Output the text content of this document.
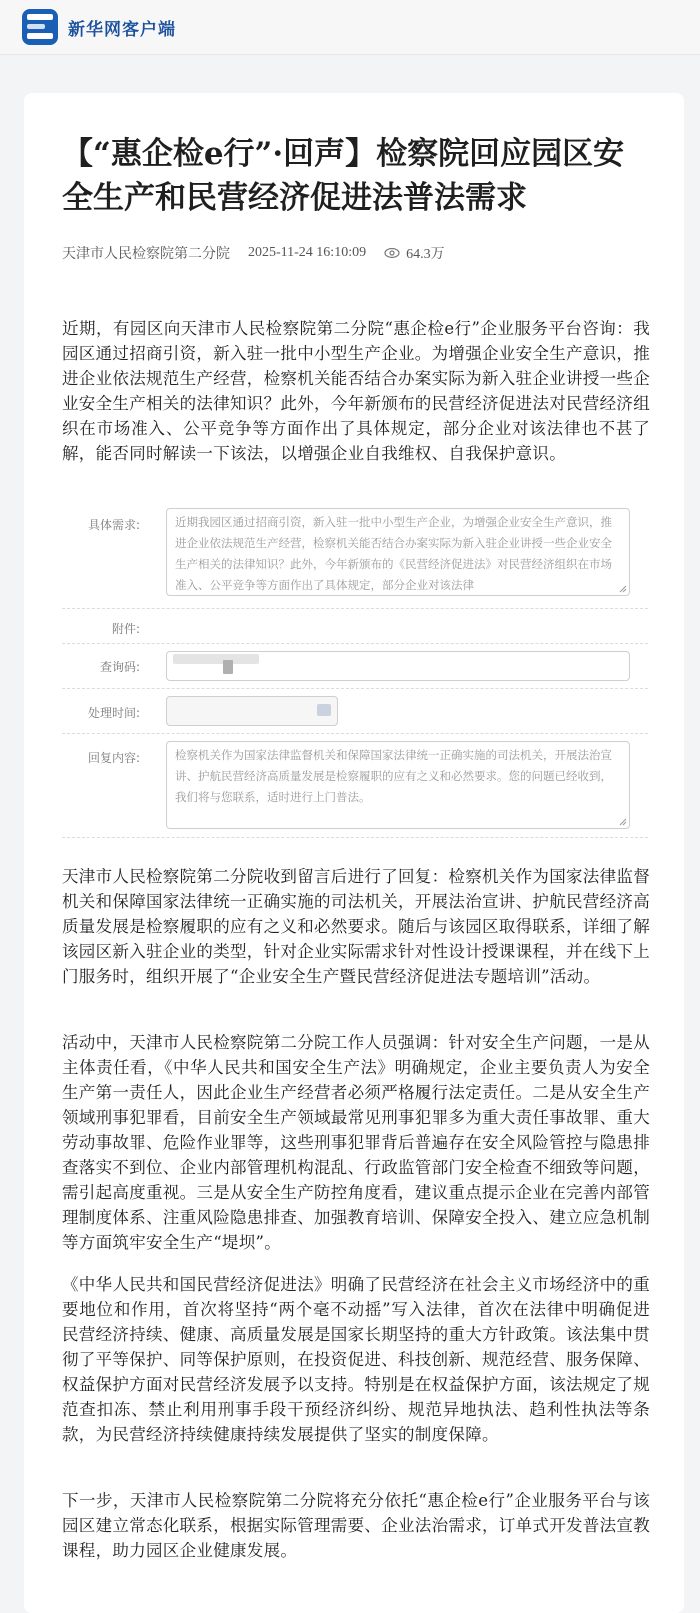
新华网客户端
【“惠企检e行”·回声】检察院回应园区安全生产和民营经济促进法普法需求
天津市人民检察院第二分院 2025-11-24 16:10:09	64.3万

近期，有园区向天津市人民检察院第二分院“惠企检e行”企业服务平台咨询：我园区通过招商引资，新入驻一批中小型生产企业。为增强企业安全生产意识，推进企业依法规范生产经营，检察机关能否结合办案实际为新入驻企业讲授一些企业安全生产相关的法律知识？此外，今年新颁布的民营经济促进法对民营经济组织在市场准入、公平竞争等方面作出了具体规定，部分企业对该法律也不甚了解，能否同时解读一下该法，以增强企业自我维权、自我保护意识。

具体需求:	近期我园区通过招商引资，新入驻一批中小型生产企业，为增强企业安全生产意识，推进企业依法规范生产经营，检察机关能否结合办案实际为新入驻企业讲授一些企业安全生产相关的法律知识？此外，今年新颁布的《民营经济促进法》对民营经济组织在市场准入、公平竞争等方面作出了具体规定，部分企业对该法律
附件:
查询码:
处理时间:
回复内容:	检察机关作为国家法律监督机关和保障国家法律统一正确实施的司法机关，开展法治宣讲、护航民营经济高质量发展是检察履职的应有之义和必然要求。您的问题已经收到，我们将与您联系，适时进行上门普法。

天津市人民检察院第二分院收到留言后进行了回复：检察机关作为国家法律监督机关和保障国家法律统一正确实施的司法机关，开展法治宣讲、护航民营经济高质量发展是检察履职的应有之义和必然要求。随后与该园区取得联系，详细了解该园区新入驻企业的类型，针对企业实际需求针对性设计授课课程，并在线下上门服务时，组织开展了“企业安全生产暨民营经济促进法专题培训”活动。

活动中，天津市人民检察院第二分院工作人员强调：针对安全生产问题，一是从主体责任看，《中华人民共和国安全生产法》明确规定，企业主要负责人为安全生产第一责任人，因此企业生产经营者必须严格履行法定责任。二是从安全生产领域刑事犯罪看，目前安全生产领域最常见刑事犯罪多为重大责任事故罪、重大劳动事故罪、危险作业罪等，这些刑事犯罪背后普遍存在安全风险管控与隐患排查落实不到位、企业内部管理机构混乱、行政监管部门安全检查不细致等问题，需引起高度重视。三是从安全生产防控角度看，建议重点提示企业在完善内部管理制度体系、注重风险隐患排查、加强教育培训、保障安全投入、建立应急机制等方面筑牢安全生产“堤坝”。

《中华人民共和国民营经济促进法》明确了民营经济在社会主义市场经济中的重要地位和作用，首次将坚持“两个毫不动摇”写入法律，首次在法律中明确促进民营经济持续、健康、高质量发展是国家长期坚持的重大方针政策。该法集中贯彻了平等保护、同等保护原则，在投资促进、科技创新、规范经营、服务保障、权益保护方面对民营经济发展予以支持。特别是在权益保护方面，该法规定了规范查扣冻、禁止利用刑事手段干预经济纠纷、规范异地执法、趋利性执法等条款，为民营经济持续健康持续发展提供了坚实的制度保障。

下一步，天津市人民检察院第二分院将充分依托“惠企检e行”企业服务平台与该园区建立常态化联系，根据实际管理需要、企业法治需求，订单式开发普法宣教课程，助力园区企业健康发展。
